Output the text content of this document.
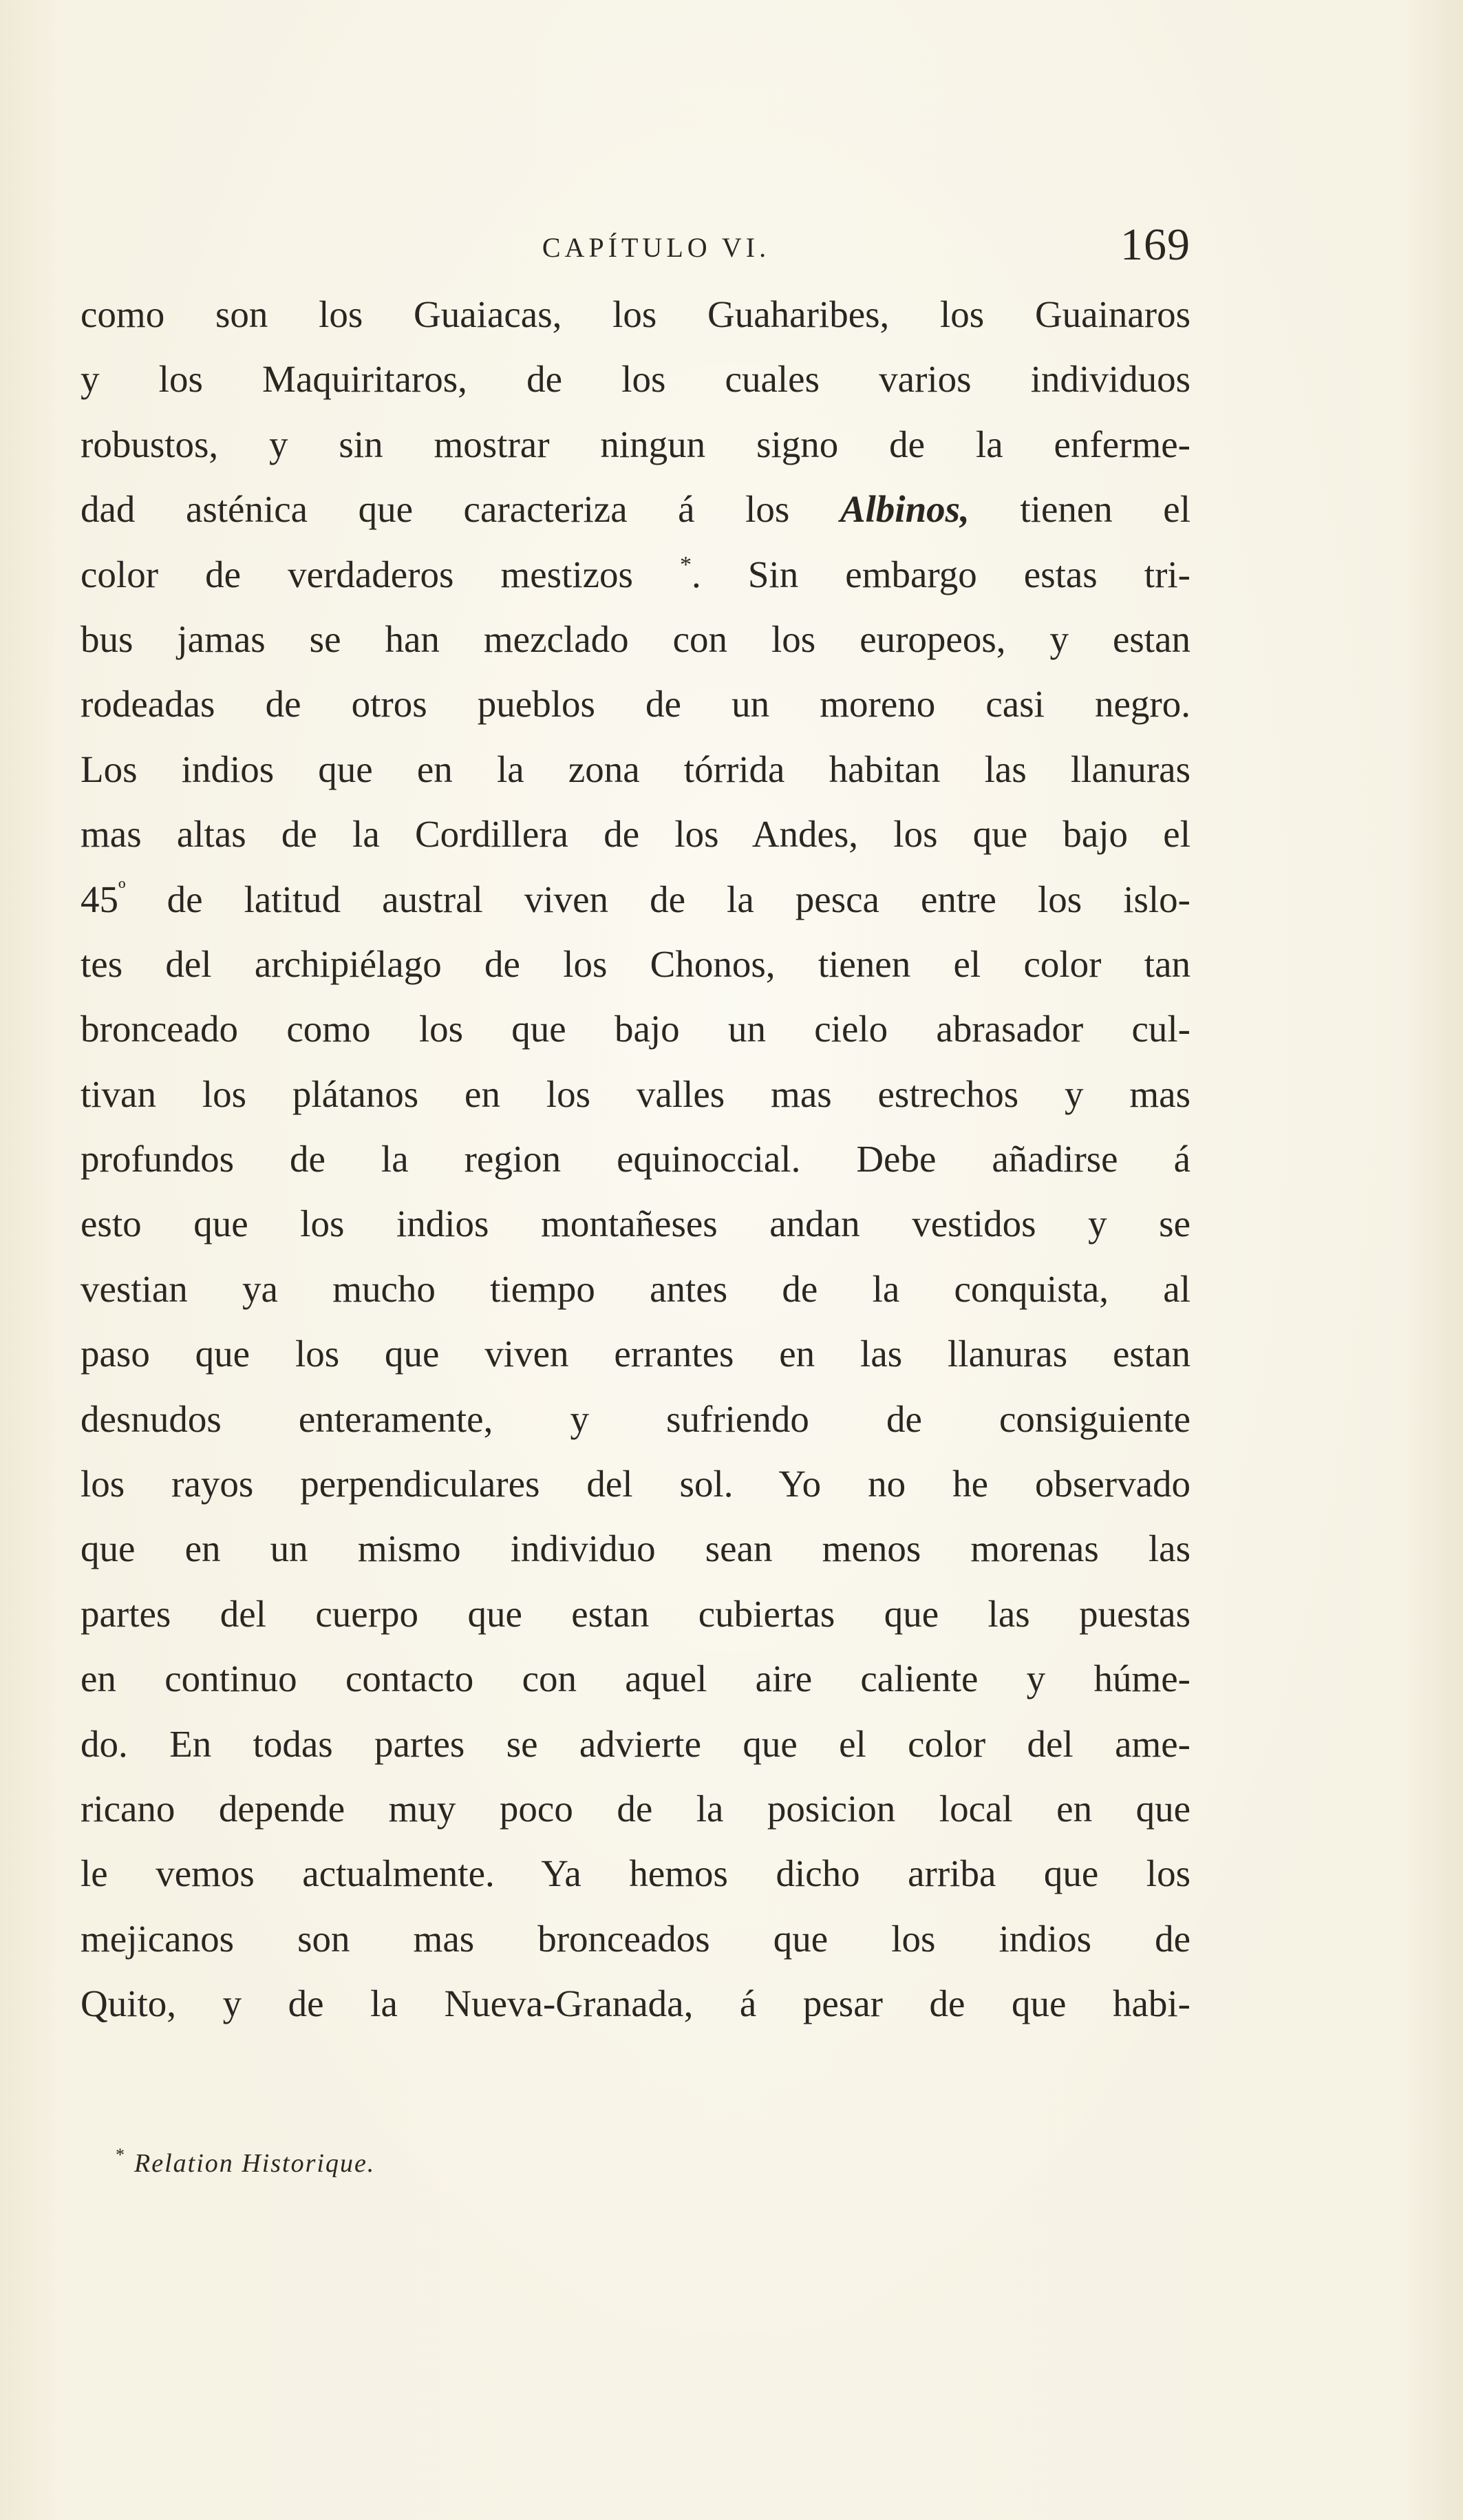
CAPÍTULO VI.	169
como son los Guaiacas, los Guaharibes, los Guainaros
y los Maquiritaros, de los cuales varios individuos
robustos, y sin mostrar ningun signo de la enferme-
dad asténica que caracteriza á los Albinos, tienen el
color de verdaderos mestizos *. Sin embargo estas tri-
bus jamas se han mezclado con los europeos, y estan
rodeadas de otros pueblos de un moreno casi negro.
Los indios que en la zona tórrida habitan las llanuras
mas altas de la Cordillera de los Andes, los que bajo el
$45^º$ de latitud austral viven de la pesca entre los islo-
tes del archipiélago de los Chonos, tienen el color tan
bronceado como los que bajo un cielo abrasador cul-
tivan los plátanos en los valles mas estrechos y mas
profundos de la region equinoccial. Debe añadirse á
esto que los indios montañeses andan vestidos y se
vestian ya mucho tiempo antes de la conquista, al
paso que los que viven errantes en las llanuras estan
desnudos enteramente, y sufriendo de consiguiente
los rayos perpendiculares del sol. Yo no he observado
que en un mismo individuo sean menos morenas las
partes del cuerpo que estan cubiertas que las puestas
en continuo contacto con aquel aire caliente y húme-
do. En todas partes se advierte que el color del ame-
ricano depende muy poco de la posicion local en que
le vemos actualmente. Ya hemos dicho arriba que los
mejicanos son mas bronceados que los indios de
Quito, y de la Nueva-Granada, á pesar de que habi-
* Relation Historique.
